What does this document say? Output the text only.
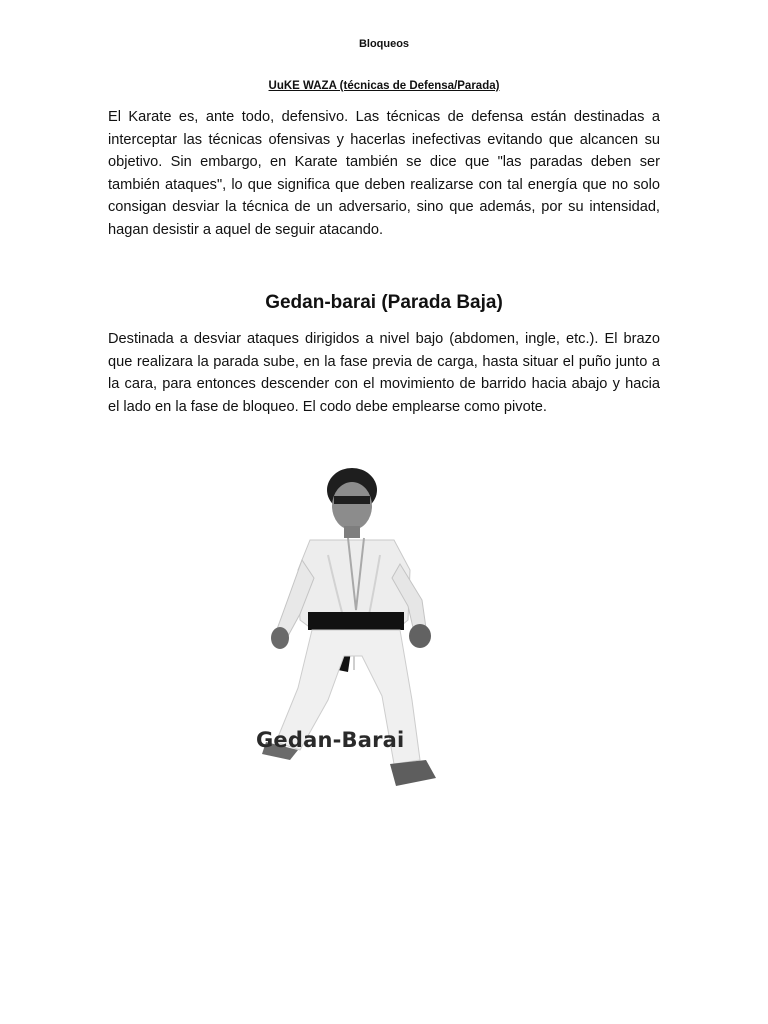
Bloqueos
UuKE WAZA (técnicas de Defensa/Parada)
El Karate es, ante todo, defensivo. Las técnicas de defensa están destinadas a interceptar las técnicas ofensivas y hacerlas inefectivas evitando que alcancen su objetivo. Sin embargo, en Karate también se dice que "las paradas deben ser también ataques", lo que significa que deben realizarse con tal energía que no solo consigan desviar la técnica de un adversario, sino que además, por su intensidad, hagan desistir a aquel de seguir atacando.
Gedan-barai (Parada Baja)
Destinada a desviar ataques dirigidos a nivel bajo (abdomen, ingle, etc.). El brazo que realizara la parada sube, en la fase previa de carga, hasta situar el puño junto a la cara, para entonces descender con el movimiento de barrido hacia abajo y hacia el lado en la fase de bloqueo. El codo debe emplearse como pivote.
Gedan-Barai
